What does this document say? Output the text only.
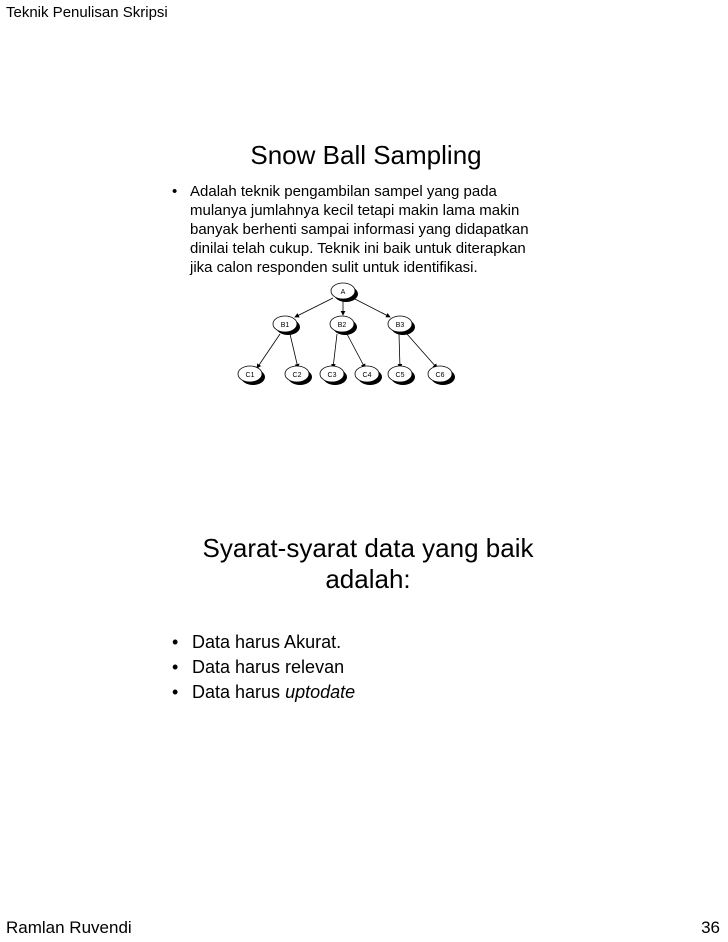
Teknik Penulisan Skripsi
Snow Ball Sampling
• Adalah teknik pengambilan sampel yang pada mulanya jumlahnya kecil tetapi makin lama makin banyak berhenti sampai informasi yang didapatkan dinilai telah cukup. Teknik ini baik untuk diterapkan jika calon responden sulit untuk identifikasi.
A
B1	B2	B3
C1	C2	C3	C4	C5	C6
Syarat-syarat data yang baik
adalah:
• Data harus Akurat.
• Data harus relevan
• Data harus uptodate
Ramlan Ruvendi	36
